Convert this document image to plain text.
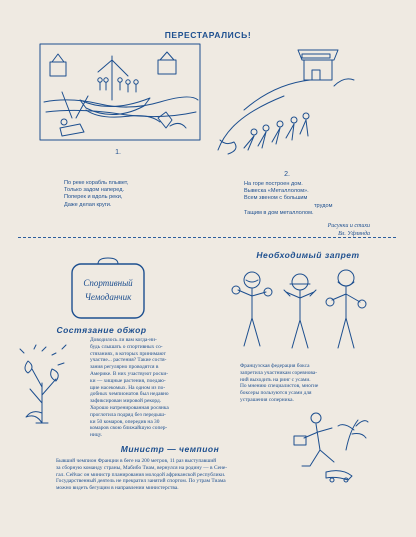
ПЕРЕСТАРАЛИСЬ!
1.
По реке корабль плывет,
Только задом наперед.
Поперек и вдоль реки,
Даже делая круги.
2.
На горе построен дом.
Вывеска «Металлолом».
Всем звеном с большим
трудом
Тащим в дом металлолом.
Рисунки и стихи
Вл. Уфлянда
Спортивный
Чемоданчик
Состязание обжор
Доводилось ли вам когда-ни-
будь слышать о спортивных со-
стязаниях, в которых принимают
участие... растения? Такие состя-
зания регулярно проводятся в
Америке. В них участвуют роски-
ки — хищные растения, поедаю-
щие насекомых. На одном из по-
добных чемпионатов был недавно
зафиксирован мировой рекорд.
Хорошо натренированная росянка
проглотила подряд без передыш-
ки 50 комаров, опередив на 30
комаров свою ближайшую сопер-
ницу.
Необходимый запрет
Французская федерация бокса
запретила участникам соревнова-
ний выходить на ринг с усами.
По мнению специалистов, многие
боксеры пользуются усами для
устрашения соперника.
Министр — чемпион
Бывший чемпион Франции в беге на 200 метров, 11 раз выступавший
за сборную команду страны, Мабибо Тиам, вернулся на родину — в Сене-
гал. Сейчас он министр планирования молодой африканской республики.
Государственный деятель не прекратил занятий спортом. По утрам Тиама
можно видеть бегущим в направлении министерства.
